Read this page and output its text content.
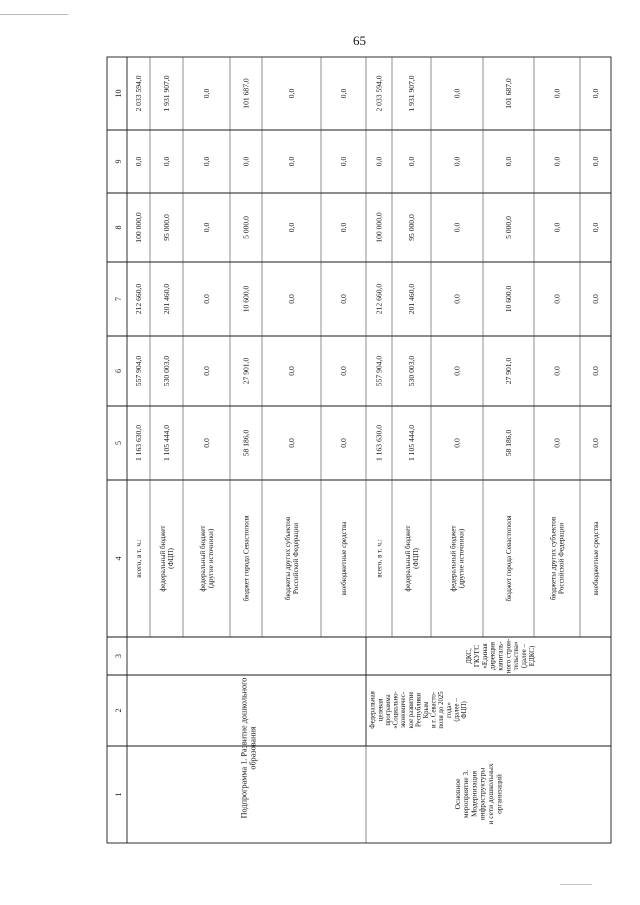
65
1
2
3
4
5
6
7
8
9
10
всего, в т. ч.:
1 163 630,0
557 904,0
212 660,0
100 000,0
0,0
2 033 594,0
федеральный бюджет (ФЦП)
1 105 444,0
530 003,0
201 460,0
95 000,0
0,0
1 931 907,0
федеральный бюджет (другие источники)
0,0
0,0
0,0
0,0
0,0
0,0
бюджет города Севастополя
58 186,0
27 901,0
10 600,0
5 000,0
0,0
101 687,0
бюджеты других субъектов Российской Федерации
0,0
0,0
0,0
0,0
0,0
0,0
внебюджетные средства
0,0
0,0
0,0
0,0
0,0
0,0
всего, в т. ч.:
1 163 630,0
557 904,0
212 660,0
100 000,0
0,0
2 033 594,0
федеральный бюджет (ФЦП)
1 105 444,0
530 003,0
201 460,0
95 000,0
0,0
1 931 907,0
федеральный бюджет (другие источники)
0,0
0,0
0,0
0,0
0,0
0,0
бюджет города Севастополя
58 186,0
27 901,0
10 600,0
5 000,0
0,0
101 687,0
бюджеты других субъектов Российской Федерации
0,0
0,0
0,0
0,0
0,0
0,0
внебюджетные средства
0,0
0,0
0,0
0,0
0,0
0,0
Подпрограмма 1. Развитие дошкольного образования
ДКС, ГКУГС «Единая дирекция капиталь- ного строи- тельства» (далее – ЕДКС)
Федеральная целевая программа «Социально- экономичес- кое развитие Республики Крым и г. Севасто- поля до 2025 года» (далее – ФЦП)
Основное мероприятие 3. Модернизация инфраструктуры и сети дошкольных организаций
